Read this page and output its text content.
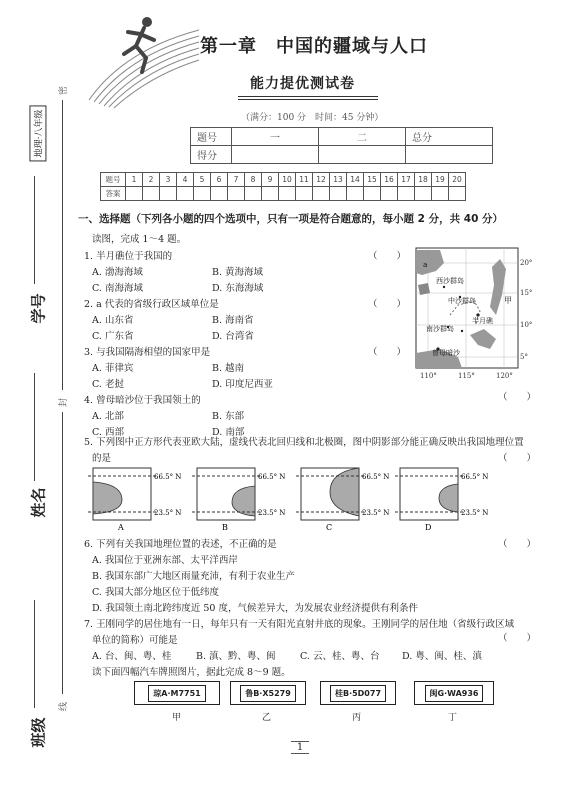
地理·八年级
密
封
线
学号
姓名
班级
第一章　中国的疆域与人口
能力提优测试卷
（满分：100 分　时间：45 分钟）
题号	一	二	总分
得分			
题号	1	2	3	4	5	6	7	8	9	10	11	12	13	14	15	16	17	18	19	20
答案																				
一、选择题（下列各小题的四个选项中，只有一项是符合题意的，每小题 2 分，共 40 分）
读图，完成 1～4 题。
1. 半月礁位于我国的	（　　）
A. 渤海海域	B. 黄海海域
C. 南海海域	D. 东海海域
2. a 代表的省级行政区域单位是	（　　）
A. 山东省	B. 海南省
C. 广东省	D. 台湾省
3. 与我国隔海相望的国家甲是	（　　）
A. 菲律宾	B. 越南
C. 老挝	D. 印度尼西亚
4. 曾母暗沙位于我国领土的	（　　）
A. 北部	B. 东部
C. 西部	D. 南部
a
甲
西沙群岛
中沙群岛
半月礁
南沙群岛
曾母暗沙
20°
15°
10°
5°
110°	115°	120°
5. 下列图中正方形代表亚欧大陆，虚线代表北回归线和北极圈，图中阴影部分能正确反映出我国地理位置
的是	（　　）
66.5° N
23.5° N
A
66.5° N
23.5° N
B
66.5° N
23.5° N
C
66.5° N
23.5° N
D
6. 下列有关我国地理位置的表述，不正确的是	（　　）
A. 我国位于亚洲东部、太平洋西岸
B. 我国东部广大地区雨量充沛，有利于农业生产
C. 我国大部分地区位于低纬度
D. 我国领土南北跨纬度近 50 度，气候差异大，为发展农业经济提供有利条件
7. 王刚同学的居住地有一日，每年只有一天有阳光直射井底的现象。王刚同学的居住地（省级行政区域
单位的简称）可能是	（　　）
A. 台、闽、粤、桂	B. 滇、黔、粤、闽	C. 云、桂、粤、台 D. 粤、闽、桂、滇
读下面四幅汽车牌照图片，据此完成 8～9 题。
琼A·M7751	鲁B·X5279	桂B·5D077	闽G·WA936
甲	乙	丙	丁
1
